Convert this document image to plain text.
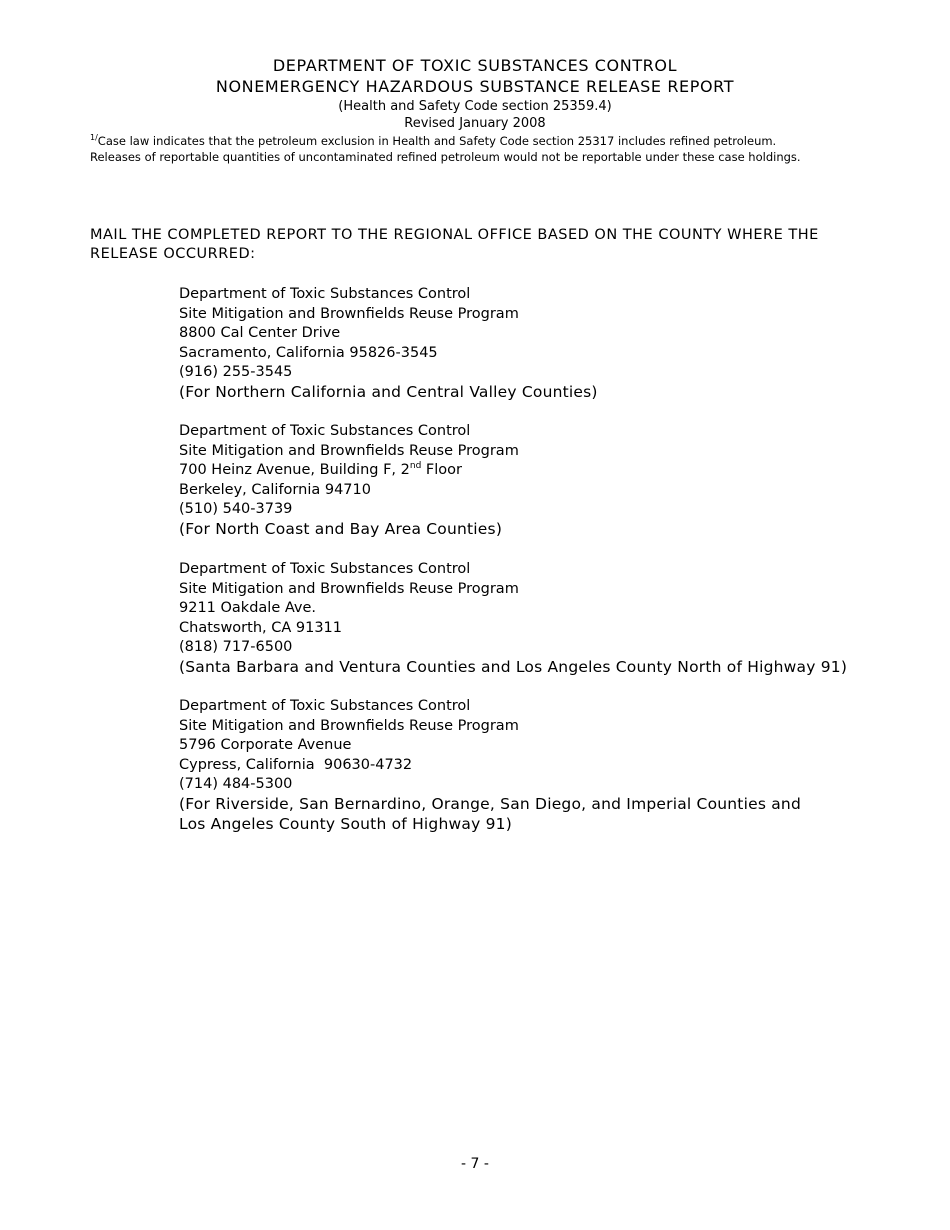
DEPARTMENT OF TOXIC SUBSTANCES CONTROL
NONEMERGENCY HAZARDOUS SUBSTANCE RELEASE REPORT
(Health and Safety Code section 25359.4)
Revised January 2008
$^{1/}$Case law indicates that the petroleum exclusion in Health and Safety Code section 25317 includes refined petroleum.
Releases of reportable quantities of uncontaminated refined petroleum would not be reportable under these case holdings.
MAIL THE COMPLETED REPORT TO THE REGIONAL OFFICE BASED ON THE COUNTY WHERE THE RELEASE OCCURRED:
Department of Toxic Substances Control
Site Mitigation and Brownfields Reuse Program
8800 Cal Center Drive
Sacramento, California 95826-3545
(916) 255-3545
(For Northern California and Central Valley Counties)
Department of Toxic Substances Control
Site Mitigation and Brownfields Reuse Program
700 Heinz Avenue, Building F, 2nd Floor
Berkeley, California 94710
(510) 540-3739
(For North Coast and Bay Area Counties)
Department of Toxic Substances Control
Site Mitigation and Brownfields Reuse Program
9211 Oakdale Ave.
Chatsworth, CA 91311
(818) 717-6500
(Santa Barbara and Ventura Counties and Los Angeles County North of Highway 91)
Department of Toxic Substances Control
Site Mitigation and Brownfields Reuse Program
5796 Corporate Avenue
Cypress, California  90630-4732
(714) 484-5300
(For Riverside, San Bernardino, Orange, San Diego, and Imperial Counties and
Los Angeles County South of Highway 91)
- 7 -
